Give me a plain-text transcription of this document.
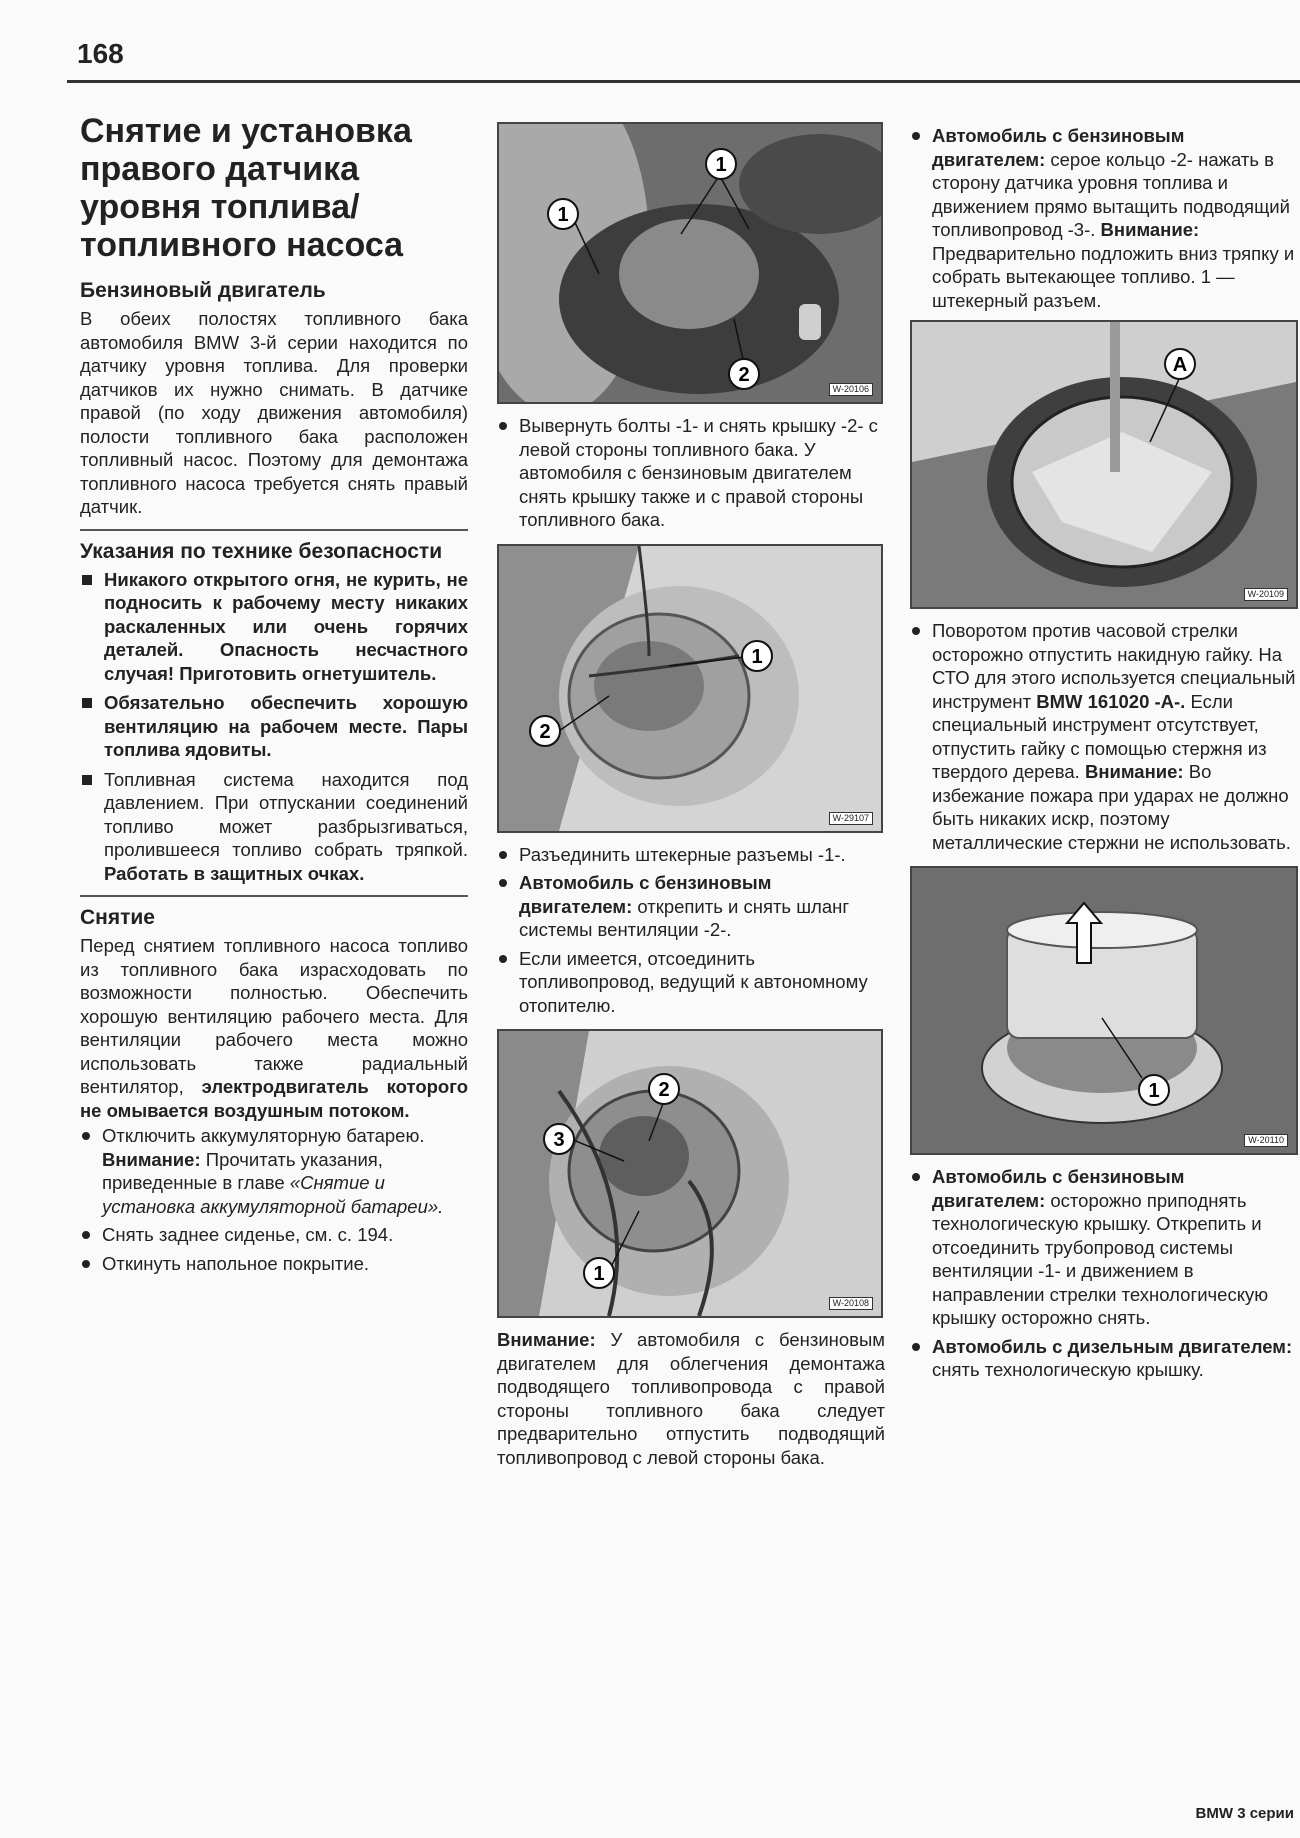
168
Снятие и установка правого датчика уровня топлива/ топливного насоса
Бензиновый двигатель

В обеих полостях топливного бака автомобиля BMW 3-й серии находится по датчику уровня топлива. Для проверки датчиков их нужно снимать. В датчике правой (по ходу движения автомобиля) полости топливного бака расположен топливный насос. Поэтому для демонтажа топливного насоса требуется снять правый датчик.

Указания по технике безопасности

Никакого открытого огня, не курить, не подносить к рабочему месту никаких раскаленных или очень горячих деталей. Опасность несчастного случая! Приготовить огнетушитель.

Обязательно обеспечить хорошую вентиляцию на рабочем месте. Пары топлива ядовиты.

Топливная система находится под давлением. При отпускании соединений топливо может разбрызгиваться, пролившееся топливо собрать тряпкой. Работать в защитных очках.

Снятие

Перед снятием топливного насоса топливо из топливного бака израсходовать по возможности полностью. Обеспечить хорошую вентиляцию рабочего места. Для вентиляции рабочего места можно использовать также радиальный вентилятор, электродвигатель которого не омывается воздушным потоком.

Отключить аккумуляторную батарею. Внимание: Прочитать указания, приведенные в главе «Снятие и установка аккумуляторной батареи».

Снять заднее сиденье, см. с. 194.

Откинуть напольное покрытие.

1
1
2
W-20106

Вывернуть болты -1- и снять крышку -2- с левой стороны топливного бака. У автомобиля с бензиновым двигателем снять крышку также и с правой стороны топливного бака.

1
2
W-29107

Разъединить штекерные разъемы -1-.

Автомобиль с бензиновым двигателем: открепить и снять шланг системы вентиляции -2-.

Если имеется, отсоединить топливопровод, ведущий к автономному отопителю.

2
3
1
W-20108

Внимание: У автомобиля с бензиновым двигателем для облегчения демонтажа подводящего топливопровода с правой стороны топливного бака следует предварительно отпустить подводящий топливопровод с левой стороны бака.

Автомобиль с бензиновым двигателем: серое кольцо -2- нажать в сторону датчика уровня топлива и движением прямо вытащить подводящий топливопровод -3-. Внимание: Предварительно подложить вниз тряпку и собрать вытекающее топливо. 1 — штекерный разъем.

A
W-20109

Поворотом против часовой стрелки осторожно отпустить накидную гайку. На СТО для этого используется специальный инструмент BMW 161020 -A-. Если специальный инструмент отсутствует, отпустить гайку с помощью стержня из твердого дерева. Внимание: Во избежание пожара при ударах не должно быть никаких искр, поэтому металлические стержни не использовать.

1
W-20110

Автомобиль с бензиновым двигателем: осторожно приподнять технологическую крышку. Открепить и отсоединить трубопровод системы вентиляции -1- и движением в направлении стрелки технологическую крышку осторожно снять.

Автомобиль с дизельным двигателем: снять технологическую крышку.

BMW 3 серии
